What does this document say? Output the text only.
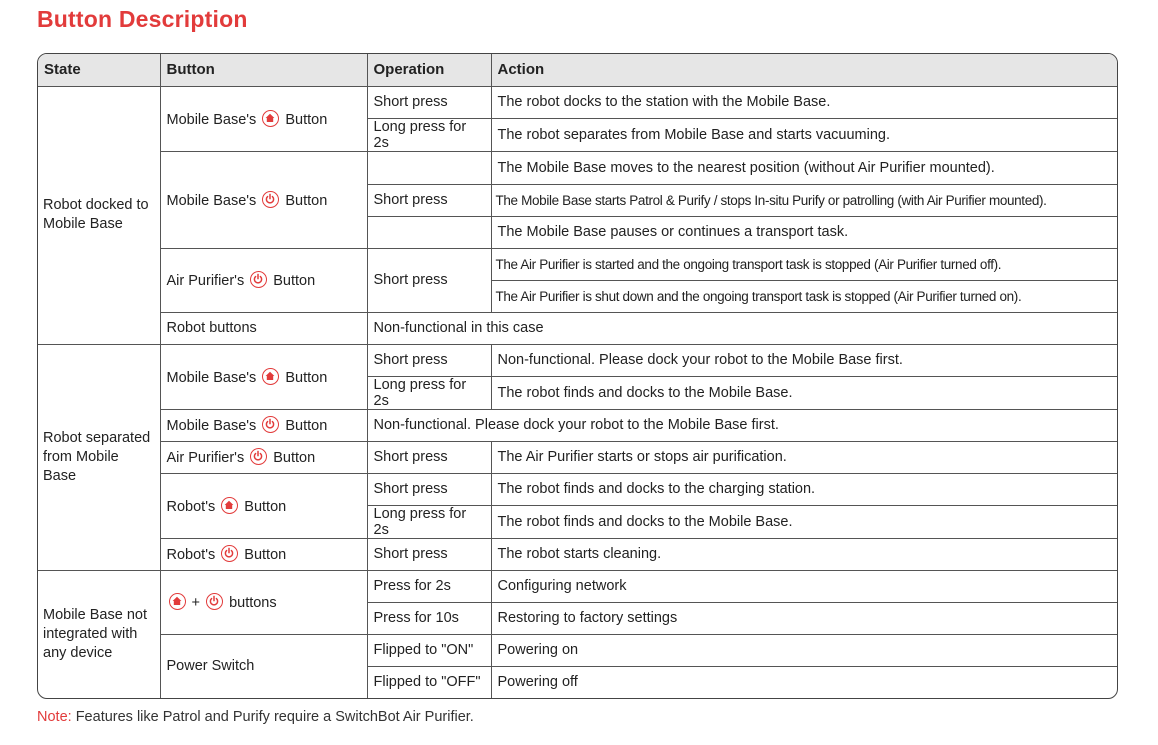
Button Description
State	Button	Operation	Action
Robot docked to Mobile Base	Mobile Base's Button	Short press	The robot docks to the station with the Mobile Base.
		Long press for 2s	The robot separates from Mobile Base and starts vacuuming.
	Mobile Base's Button		The Mobile Base moves to the nearest position (without Air Purifier mounted).
		Short press	The Mobile Base starts Patrol & Purify / stops In-situ Purify or patrolling (with Air Purifier mounted).
			The Mobile Base pauses or continues a transport task.
	Air Purifier's Button	Short press	The Air Purifier is started and the ongoing transport task is stopped (Air Purifier turned off).
			The Air Purifier is shut down and the ongoing transport task is stopped (Air Purifier turned on).
	Robot buttons	Non-functional in this case	
Robot separated from Mobile Base	Mobile Base's Button	Short press	Non-functional. Please dock your robot to the Mobile Base first.
		Long press for 2s	The robot finds and docks to the Mobile Base.
	Mobile Base's Button	Non-functional. Please dock your robot to the Mobile Base first.	
	Air Purifier's Button	Short press	The Air Purifier starts or stops air purification.
	Robot's Button	Short press	The robot finds and docks to the charging station.
		Long press for 2s	The robot finds and docks to the Mobile Base.
	Robot's Button	Short press	The robot starts cleaning.
Mobile Base not integrated with any device	+ buttons	Press for 2s	Configuring network
		Press for 10s	Restoring to factory settings
	Power Switch	Flipped to "ON"	Powering on
		Flipped to "OFF"	Powering off
Note: Features like Patrol and Purify require a SwitchBot Air Purifier.
